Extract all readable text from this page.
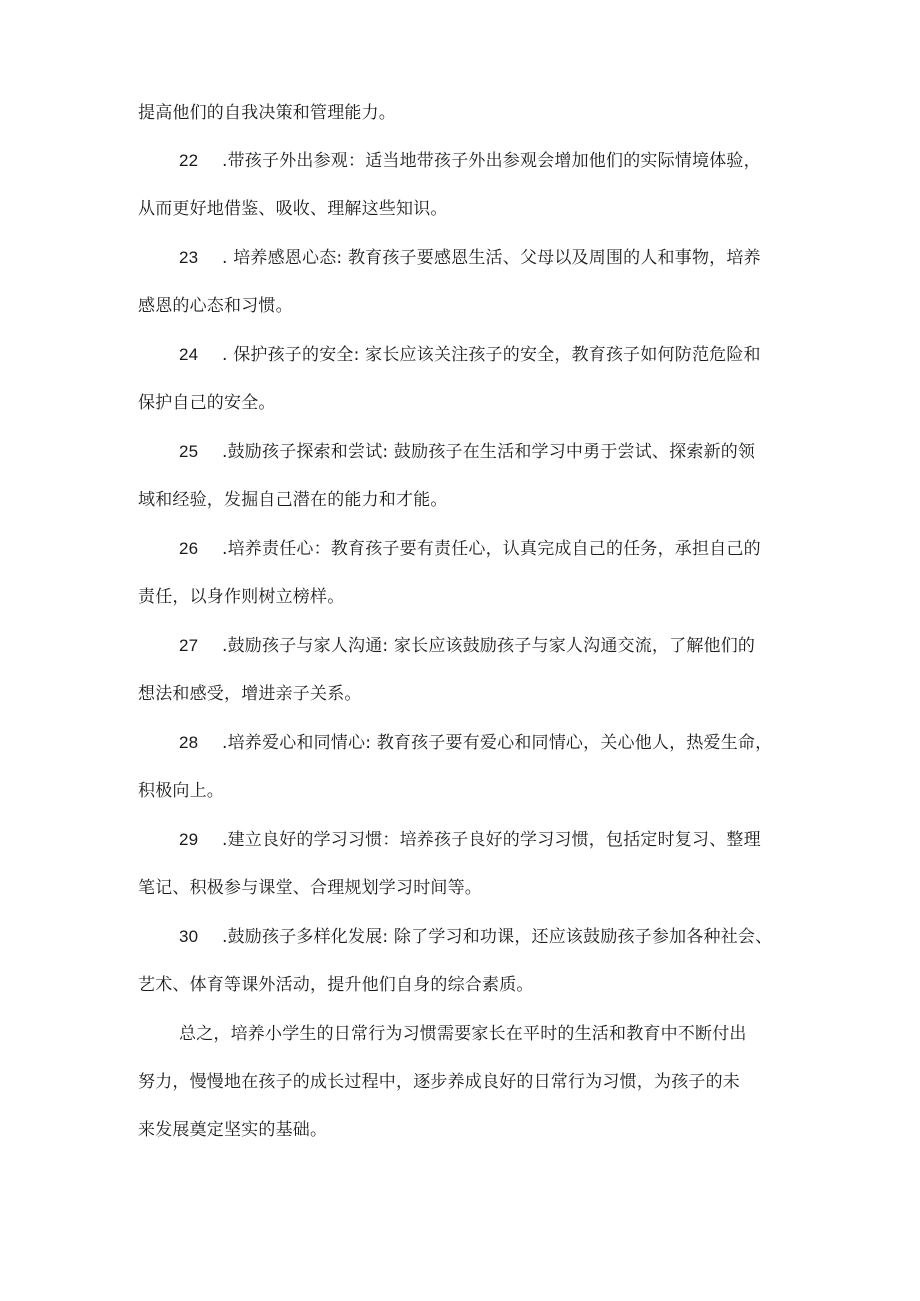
提高他们的自我决策和管理能力。

22 .带孩子外出参观：适当地带孩子外出参观会增加他们的实际情境体验，

从而更好地借鉴、吸收、理解这些知识。

23 . 培养感恩心态: 教育孩子要感恩生活、父母以及周围的人和事物，培养

感恩的心态和习惯。

24 . 保护孩子的安全: 家长应该关注孩子的安全，教育孩子如何防范危险和

保护自己的安全。

25 .鼓励孩子探索和尝试: 鼓励孩子在生活和学习中勇于尝试、探索新的领

域和经验，发掘自己潜在的能力和才能。

26 .培养责任心：教育孩子要有责任心，认真完成自己的任务，承担自己的

责任，以身作则树立榜样。

27 .鼓励孩子与家人沟通: 家长应该鼓励孩子与家人沟通交流，了解他们的

想法和感受，增进亲子关系。

28 .培养爱心和同情心: 教育孩子要有爱心和同情心，关心他人，热爱生命，

积极向上。

29 .建立良好的学习习惯：培养孩子良好的学习习惯，包括定时复习、整理

笔记、积极参与课堂、合理规划学习时间等。

30 .鼓励孩子多样化发展: 除了学习和功课，还应该鼓励孩子参加各种社会、

艺术、体育等课外活动，提升他们自身的综合素质。

总之，培养小学生的日常行为习惯需要家长在平时的生活和教育中不断付出

努力，慢慢地在孩子的成长过程中，逐步养成良好的日常行为习惯，为孩子的未

来发展奠定坚实的基础。
